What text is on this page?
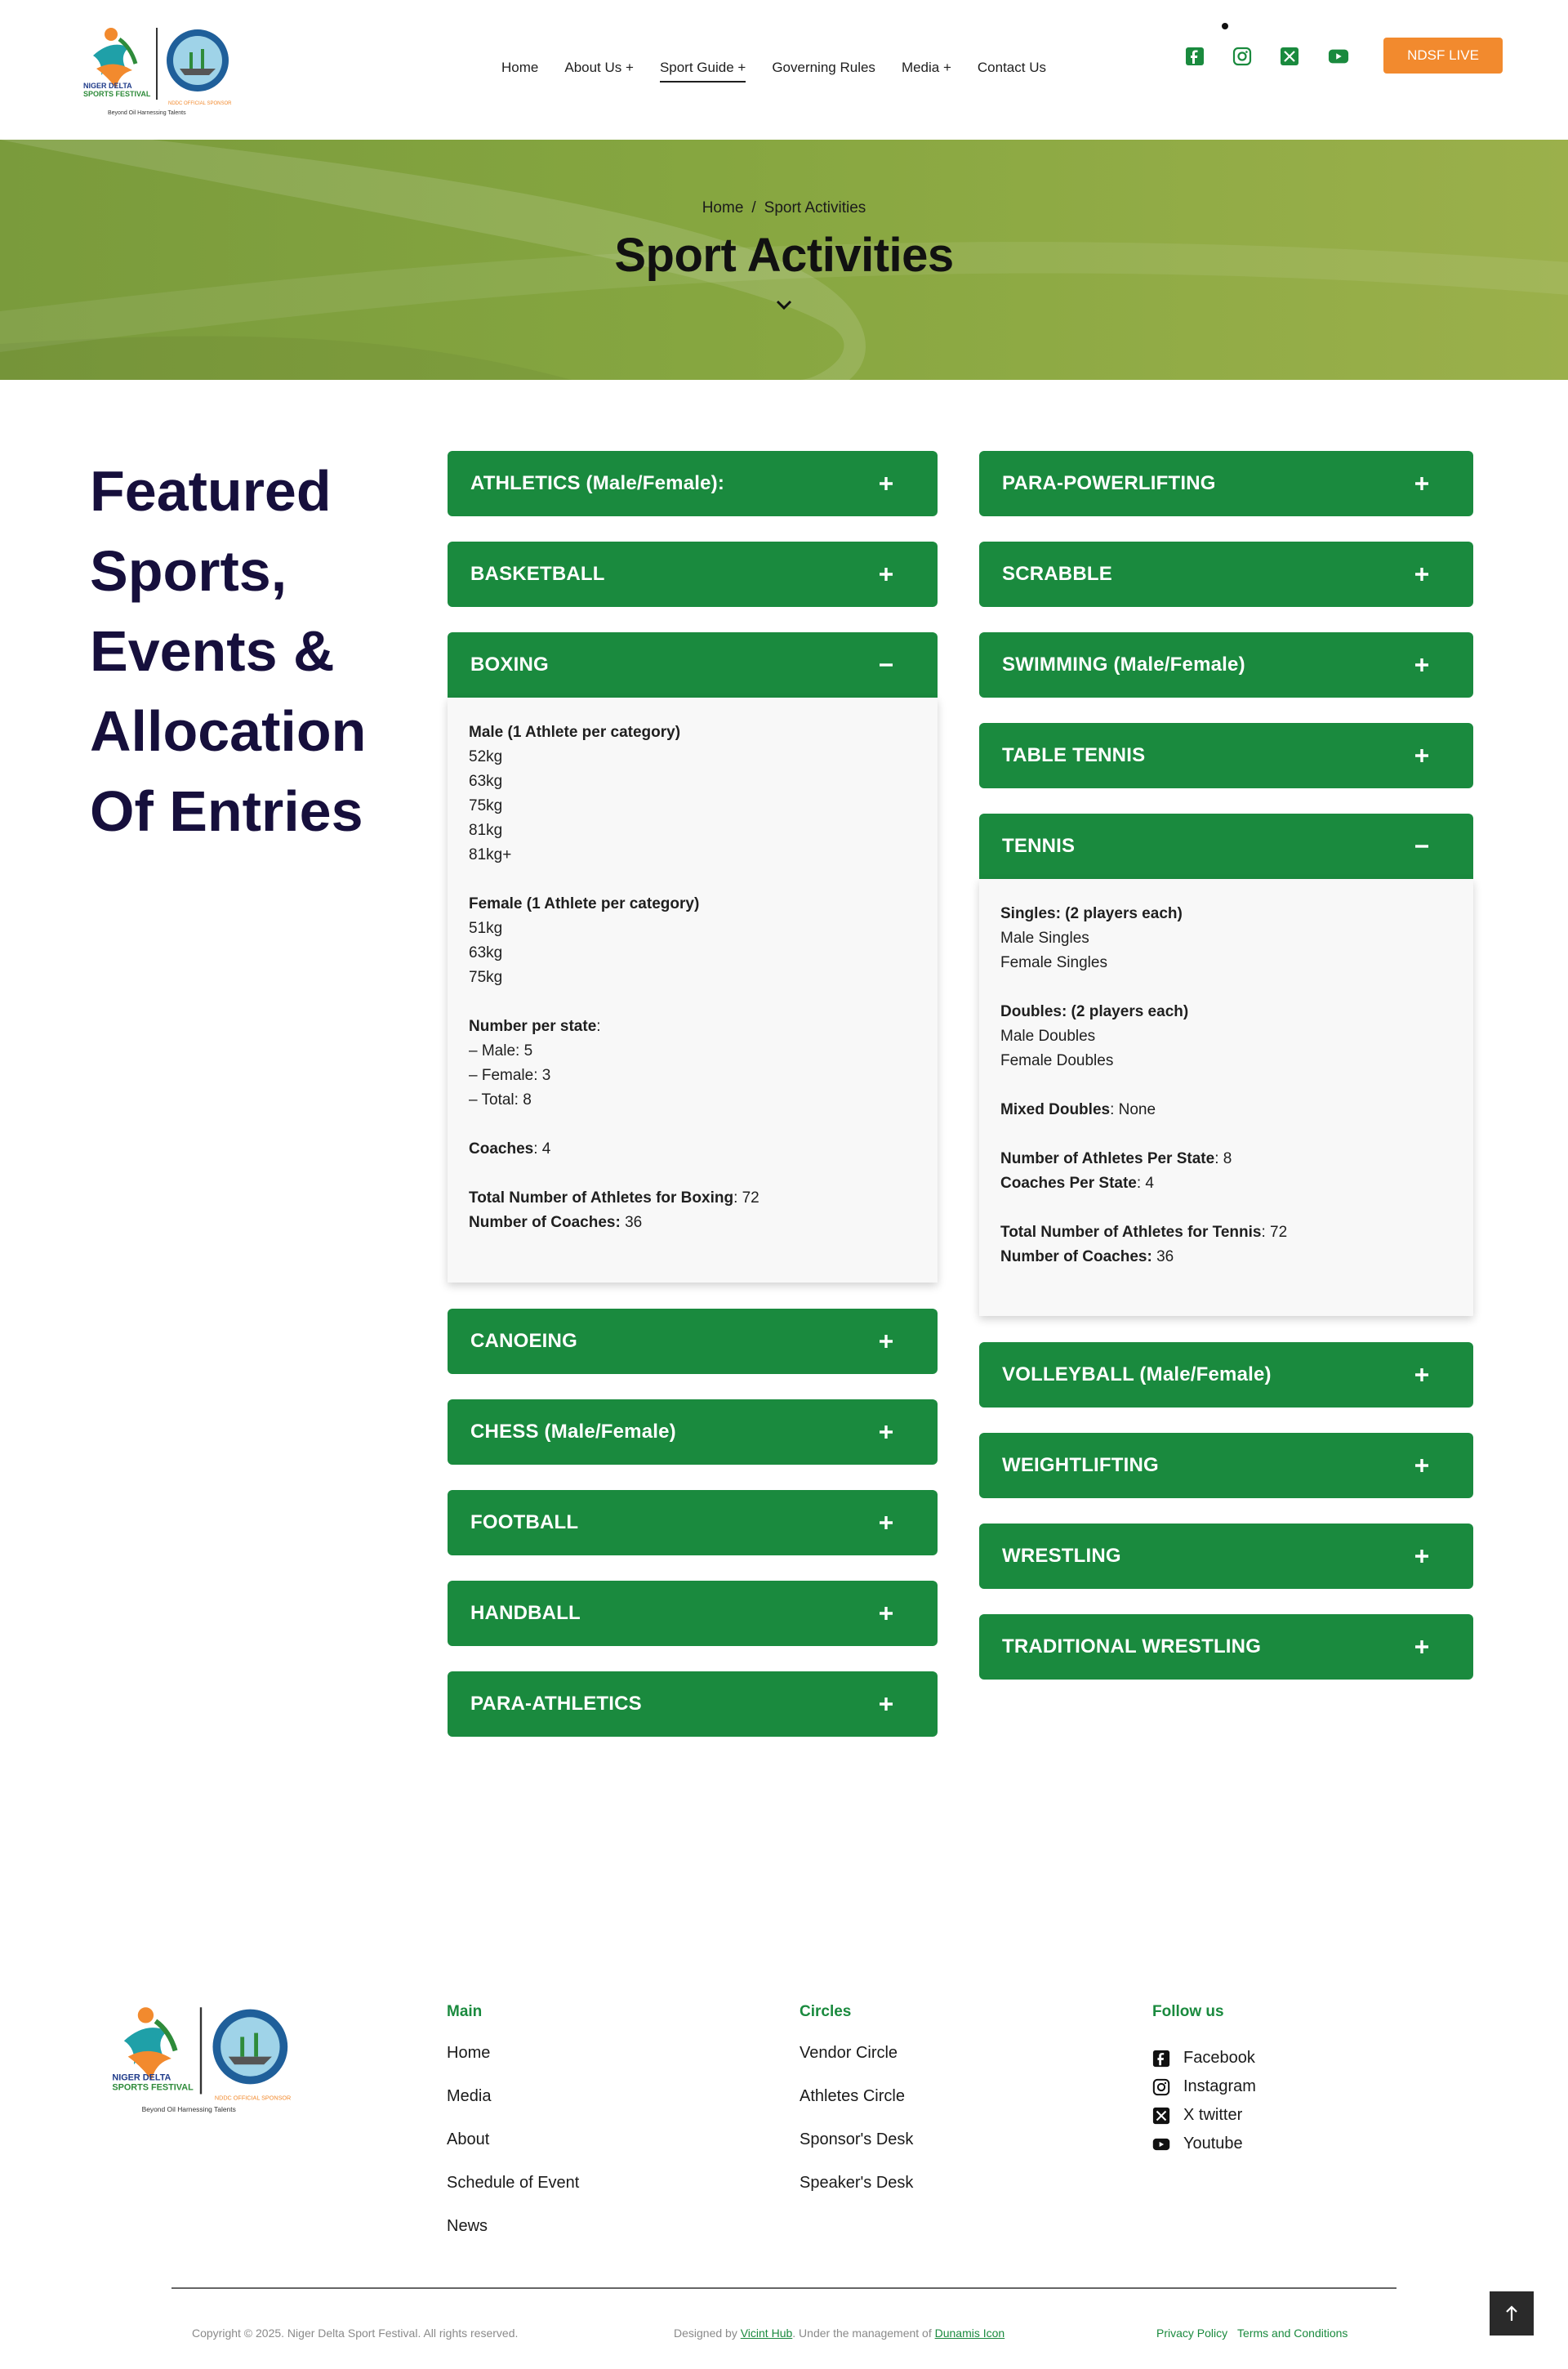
NIGER DELTA
SPORTS FESTIVAL
NDDC OFFICIAL SPONSOR
Beyond Oil Harnessing Talents
Home About Us + Sport Guide + Governing Rules Media + Contact Us
NDSF LIVE
Home / Sport Activities
Sport Activities
Featured
Sports,
Events &
Allocation
Of Entries
ATHLETICS (Male/Female):
BASKETBALL
BOXING
Male (1 Athlete per category)
52kg
63kg
75kg
81kg
81kg+
Female (1 Athlete per category)
51kg
63kg
75kg
Number per state:
– Male: 5
– Female: 3
– Total: 8
Coaches: 4
Total Number of Athletes for Boxing: 72
Number of Coaches: 36
CANOEING
CHESS (Male/Female)
FOOTBALL
HANDBALL
PARA-ATHLETICS
PARA-POWERLIFTING
SCRABBLE
SWIMMING (Male/Female)
TABLE TENNIS
TENNIS
Singles: (2 players each)
Male Singles
Female Singles
Doubles: (2 players each)
Male Doubles
Female Doubles
Mixed Doubles: None
Number of Athletes Per State: 8
Coaches Per State: 4
Total Number of Athletes for Tennis: 72
Number of Coaches: 36
VOLLEYBALL (Male/Female)
WEIGHTLIFTING
WRESTLING
TRADITIONAL WRESTLING
NIGER DELTA
SPORTS FESTIVAL
NDDC OFFICIAL SPONSOR
Beyond Oil Harnessing Talents
Main
Home
Media
About
Schedule of Event
News
Circles
Vendor Circle
Athletes Circle
Sponsor's Desk
Speaker's Desk
Follow us
Facebook
Instagram
X twitter
Youtube
Copyright © 2025. Niger Delta Sport Festival. All rights reserved.	Designed by Vicint Hub. Under the management of Dunamis Icon	Privacy Policy Terms and Conditions
